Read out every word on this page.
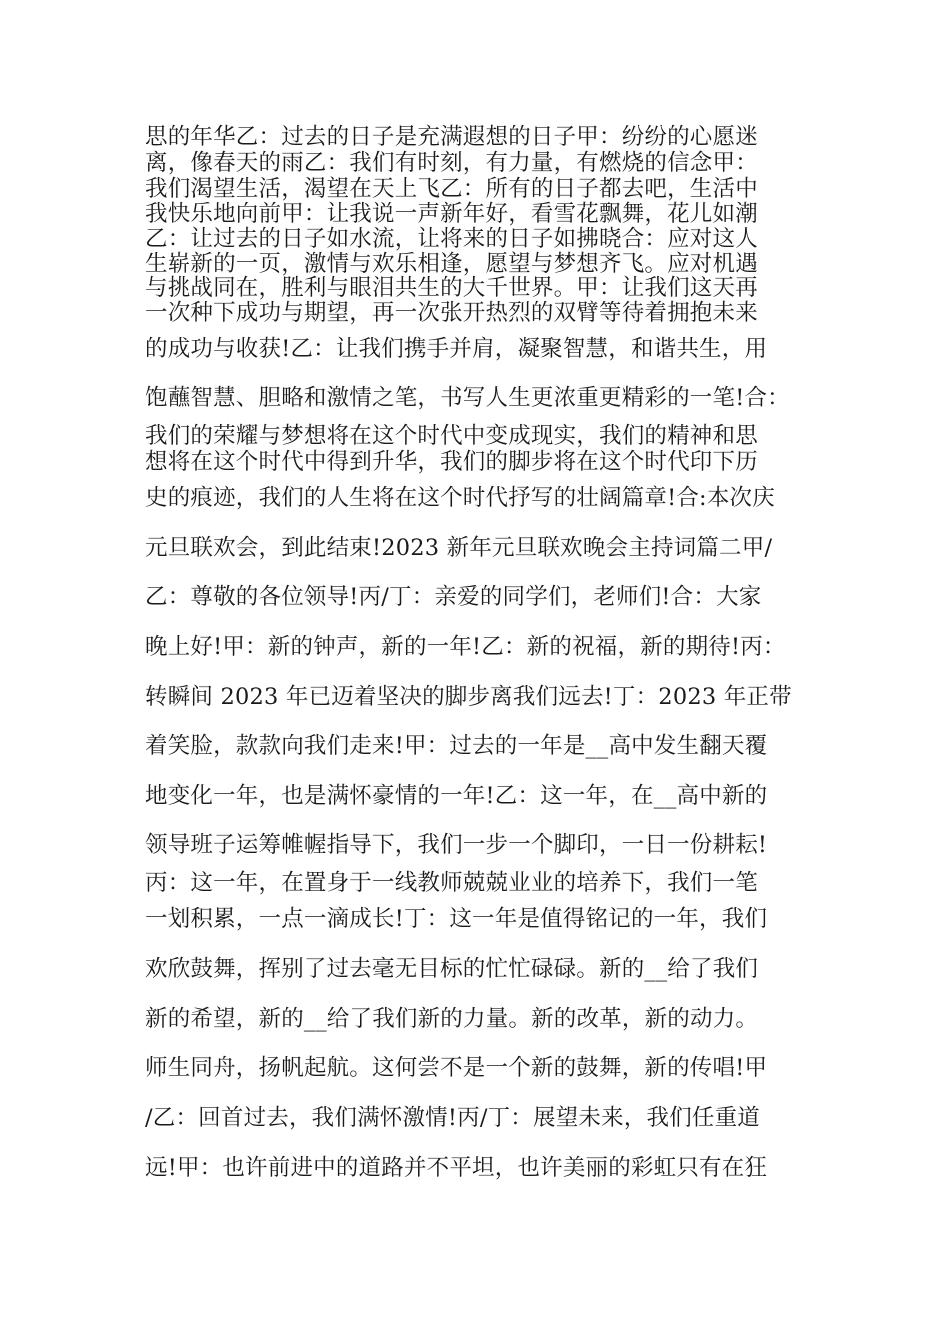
思的年华乙：过去的日子是充满遐想的日子甲：纷纷的心愿迷

离，像春天的雨乙：我们有时刻，有力量，有燃烧的信念甲：

我们渴望生活，渴望在天上飞乙：所有的日子都去吧，生活中

我快乐地向前甲：让我说一声新年好，看雪花飘舞，花儿如潮

乙：让过去的日子如水流，让将来的日子如拂晓合：应对这人

生崭新的一页，激情与欢乐相逢，愿望与梦想齐飞。应对机遇

与挑战同在，胜利与眼泪共生的大千世界。甲：让我们这天再

一次种下成功与期望，再一次张开热烈的双臂等待着拥抱未来

的成功与收获!乙：让我们携手并肩，凝聚智慧，和谐共生，用

饱蘸智慧、胆略和激情之笔，书写人生更浓重更精彩的一笔!合：

我们的荣耀与梦想将在这个时代中变成现实，我们的精神和思

想将在这个时代中得到升华，我们的脚步将在这个时代印下历

史的痕迹，我们的人生将在这个时代抒写的壮阔篇章!合:本次庆

元旦联欢会，到此结束!2023 新年元旦联欢晚会主持词篇二甲/

乙：尊敬的各位领导!丙/丁：亲爱的同学们，老师们!合：大家

晚上好!甲：新的钟声，新的一年!乙：新的祝福，新的期待!丙：

转瞬间 2023 年已迈着坚决的脚步离我们远去!丁：2023 年正带

着笑脸，款款向我们走来!甲：过去的一年是__高中发生翻天覆

地变化一年，也是满怀豪情的一年!乙：这一年，在__高中新的

领导班子运筹帷幄指导下，我们一步一个脚印，一日一份耕耘!

丙：这一年，在置身于一线教师兢兢业业的培养下，我们一笔

一划积累，一点一滴成长!丁：这一年是值得铭记的一年，我们

欢欣鼓舞，挥别了过去毫无目标的忙忙碌碌。新的__给了我们

新的希望，新的__给了我们新的力量。新的改革，新的动力。

师生同舟，扬帆起航。这何尝不是一个新的鼓舞，新的传唱!甲

/乙：回首过去，我们满怀激情!丙/丁：展望未来，我们任重道

远!甲：也许前进中的道路并不平坦，也许美丽的彩虹只有在狂
